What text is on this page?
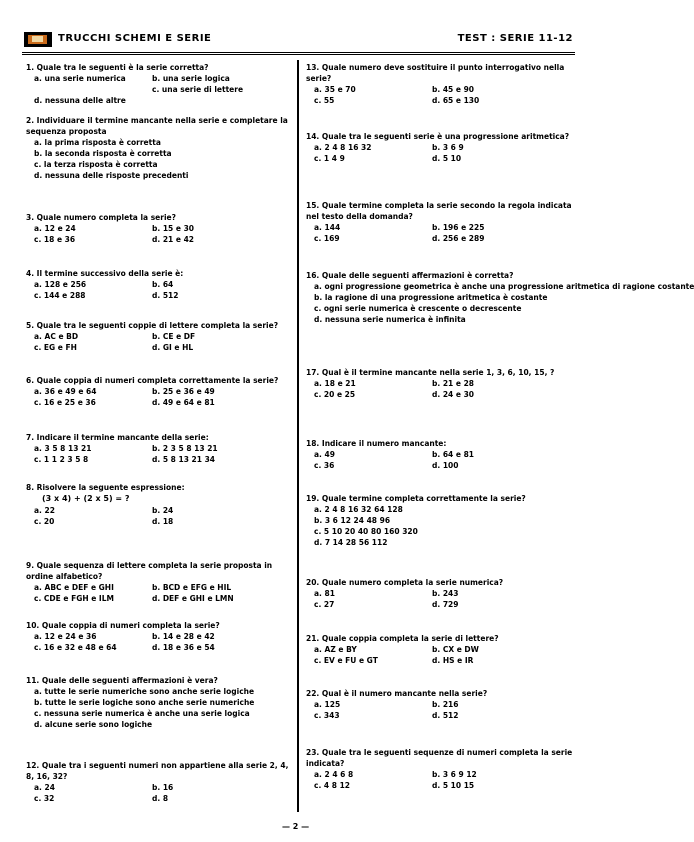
TRUCCHI SCHEMI E SERIE	TEST : SERIE 11-12
1. Quale tra le seguenti è la serie corretta?
a. una serie numerica	b. una serie logica
c. una serie di lettere
d. nessuna delle altre
2. Individuare il termine mancante nella serie e completare la sequenza proposta
a. la prima risposta è corretta
b. la seconda risposta è corretta
c. la terza risposta è corretta
d. nessuna delle risposte precedenti
3. Quale numero completa la serie?
a. 12 e 24	b. 15 e 30
c. 18 e 36	d. 21 e 42
4. Il termine successivo della serie è:
a. 128 e 256	b. 64
c. 144 e 288	d. 512
5. Quale tra le seguenti coppie di lettere completa la serie?
a. AC e BD	b. CE e DF
c. EG e FH	d. GI e HL
6. Quale coppia di numeri completa correttamente la serie?
a. 36 e 49 e 64	b. 25 e 36 e 49
c. 16 e 25 e 36	d. 49 e 64 e 81
7. Indicare il termine mancante della serie:
a. 3 5 8 13 21	b. 2 3 5 8 13 21
c. 1 1 2 3 5 8	d. 5 8 13 21 34
8. Risolvere la seguente espressione:
(3 x 4) + (2 x 5) = ?
a. 22	b. 24
c. 20	d. 18
9. Quale sequenza di lettere completa la serie proposta in ordine alfabetico?
a. ABC e DEF e GHI	b. BCD e EFG e HIL
c. CDE e FGH e ILM	d. DEF e GHI e LMN
10. Quale coppia di numeri completa la serie?
a. 12 e 24 e 36	b. 14 e 28 e 42
c. 16 e 32 e 48 e 64	d. 18 e 36 e 54
11. Quale delle seguenti affermazioni è vera?
a. tutte le serie numeriche sono anche serie logiche
b. tutte le serie logiche sono anche serie numeriche
c. nessuna serie numerica è anche una serie logica
d. alcune serie sono logiche
12. Quale tra i seguenti numeri non appartiene alla serie 2, 4, 8, 16, 32?
a. 24	b. 16
c. 32	d. 8
13. Quale numero deve sostituire il punto interrogativo nella serie?
a. 35 e 70	b. 45 e 90
c. 55	d. 65 e 130
14. Quale tra le seguenti serie è una progressione aritmetica?
a. 2 4 8 16 32	b. 3 6 9
c. 1 4 9	d. 5 10
15. Quale termine completa la serie secondo la regola indicata nel testo della domanda?
a. 144	b. 196 e 225
c. 169	d. 256 e 289
16. Quale delle seguenti affermazioni è corretta?
a. ogni progressione geometrica è anche una progressione aritmetica di ragione costante
b. la ragione di una progressione aritmetica è costante
c. ogni serie numerica è crescente o decrescente
d. nessuna serie numerica è infinita
17. Qual è il termine mancante nella serie 1, 3, 6, 10, 15, ?
a. 18 e 21	b. 21 e 28
c. 20 e 25	d. 24 e 30
18. Indicare il numero mancante:
a. 49	b. 64 e 81
c. 36	d. 100
19. Quale termine completa correttamente la serie?
a. 2 4 8 16 32 64 128
b. 3 6 12 24 48 96
c. 5 10 20 40 80 160 320
d. 7 14 28 56 112
20. Quale numero completa la serie numerica?
a. 81	b. 243
c. 27	d. 729
21. Quale coppia completa la serie di lettere?
a. AZ e BY	b. CX e DW
c. EV e FU e GT	d. HS e IR
22. Qual è il numero mancante nella serie?
a. 125	b. 216
c. 343	d. 512
23. Quale tra le seguenti sequenze di numeri completa la serie indicata?
a. 2 4 6 8	b. 3 6 9 12
c. 4 8 12	d. 5 10 15
— 2 —
